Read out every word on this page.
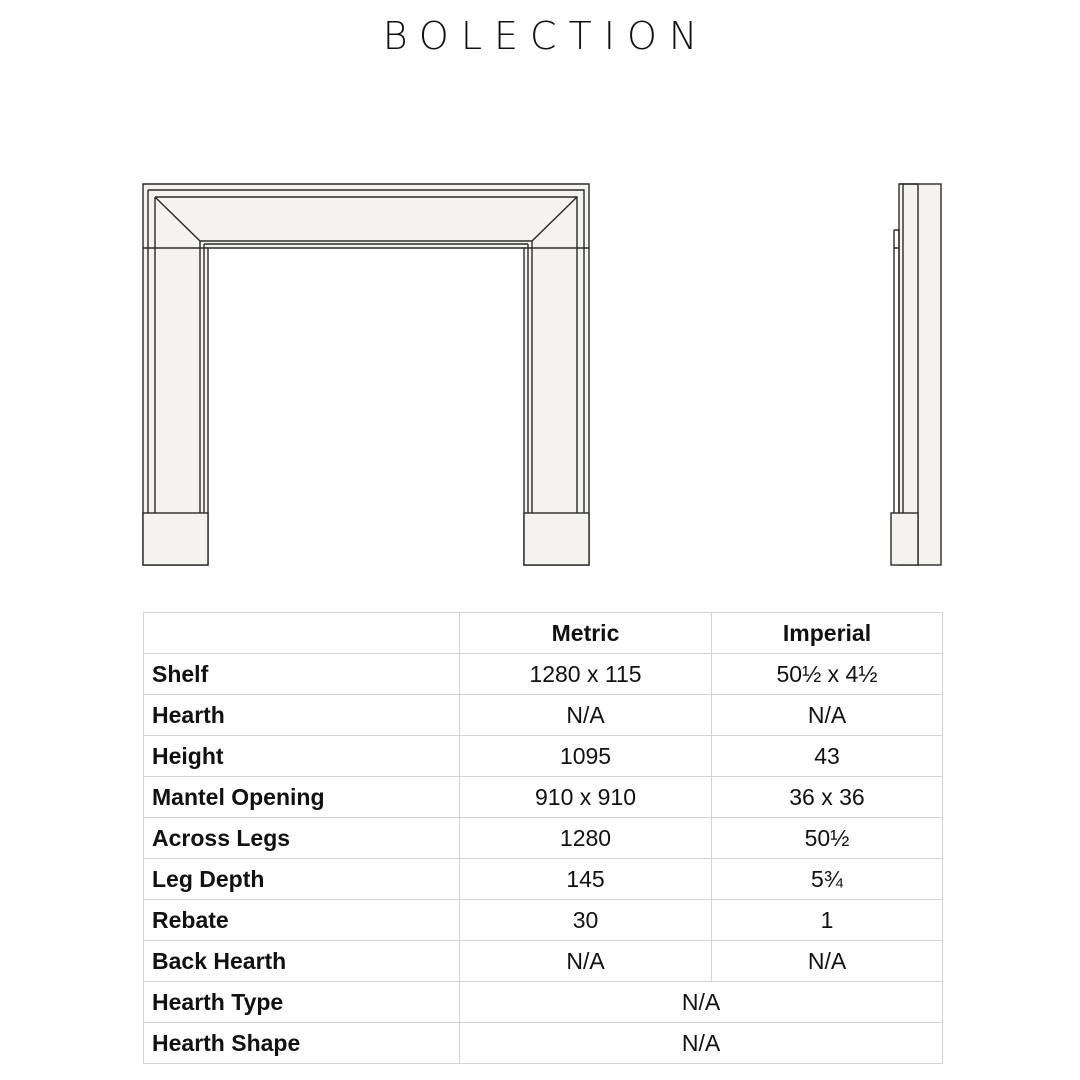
BOLECTION
	Metric	Imperial
Shelf	1280 x 115	50½ x 4½
Hearth	N/A	N/A
Height	1095	43
Mantel Opening	910 x 910	36 x 36
Across Legs	1280	50½
Leg Depth	145	5¾
Rebate	30	1
Back Hearth	N/A	N/A
Hearth Type	N/A	
Hearth Shape	N/A	
